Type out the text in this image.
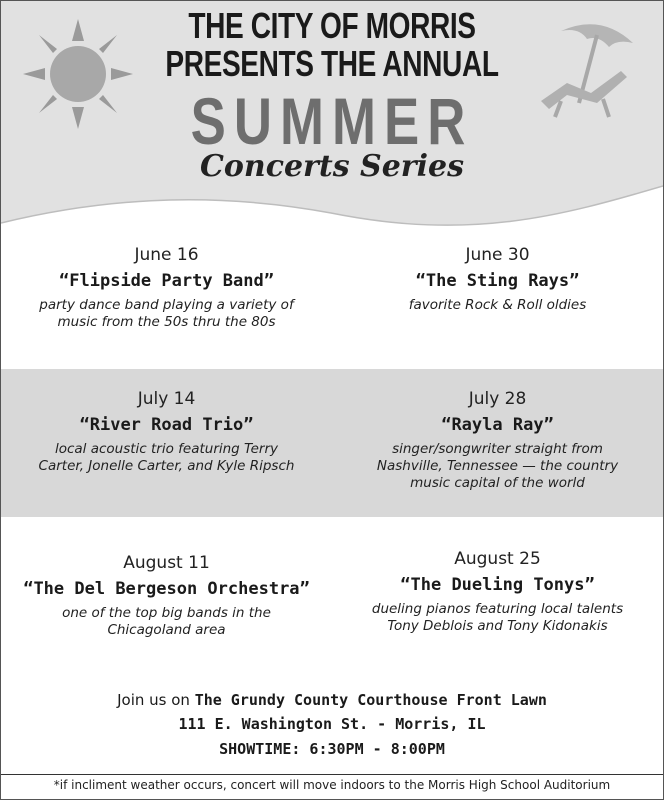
THE CITY OF MORRIS
PRESENTS THE ANNUAL
SUMMER
Concerts Series
June 16
“Flipside Party Band”
party dance band playing a variety of music from the 50s thru the 80s
June 30
“The Sting Rays”
favorite Rock & Roll oldies
July 14
“River Road Trio”
local acoustic trio featuring Terry Carter, Jonelle Carter, and Kyle Ripsch
July 28
“Rayla Ray”
singer/songwriter straight from Nashville, Tennessee — the country music capital of the world
August 11
“The Del Bergeson Orchestra”
one of the top big bands in the Chicagoland area
August 25
“The Dueling Tonys”
dueling pianos featuring local talents Tony Deblois and Tony Kidonakis
Join us on The Grundy County Courthouse Front Lawn
111 E. Washington St. - Morris, IL
SHOWTIME: 6:30PM - 8:00PM
*if incliment weather occurs, concert will move indoors to the Morris High School Auditorium
